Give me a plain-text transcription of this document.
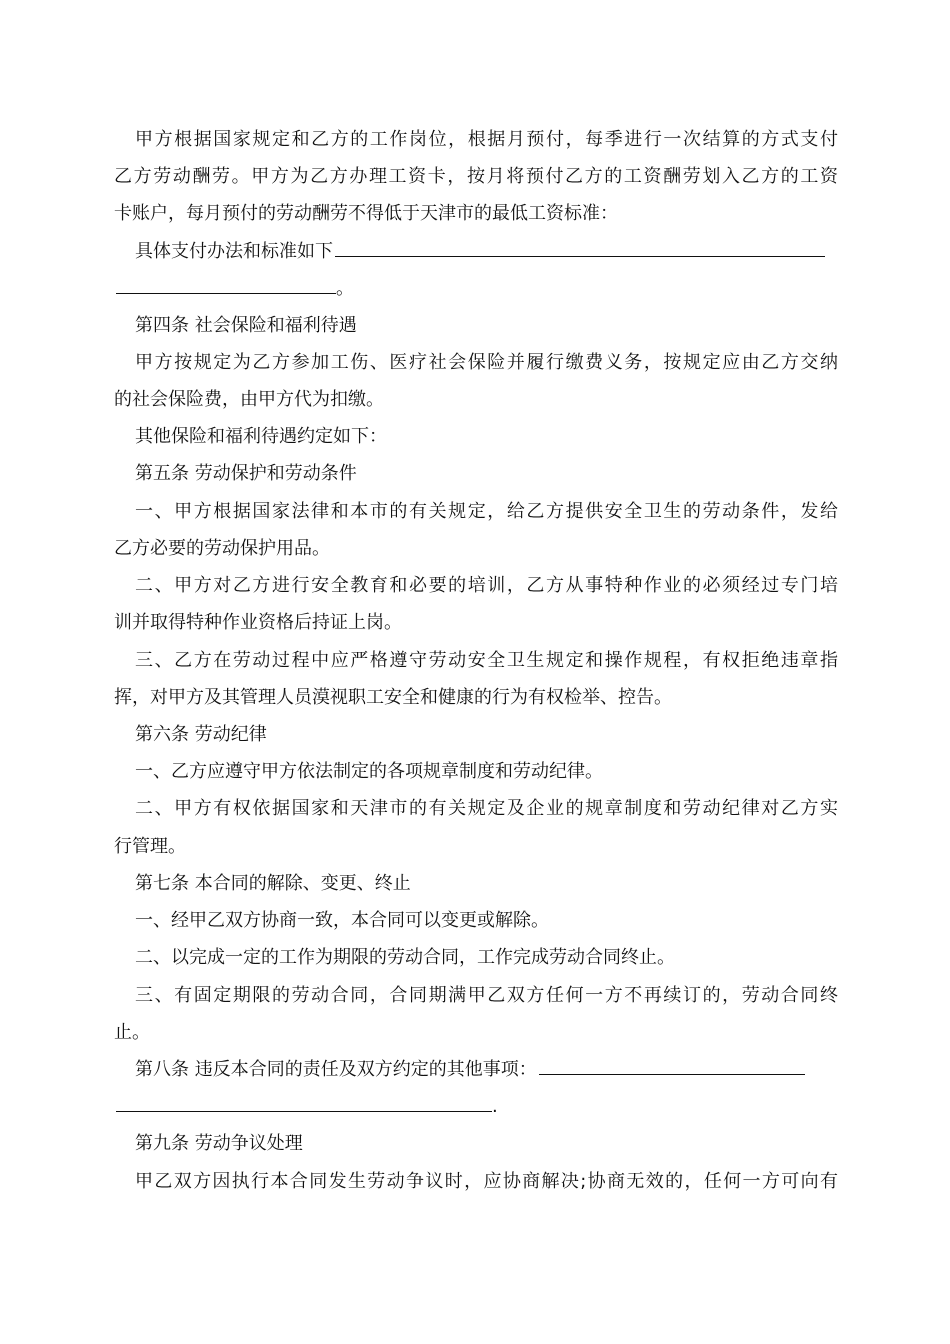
甲方根据国家规定和乙方的工作岗位，根据月预付，每季进行一次结算的方式支付
乙方劳动酬劳。甲方为乙方办理工资卡，按月将预付乙方的工资酬劳划入乙方的工资
卡账户，每月预付的劳动酬劳不得低于天津市的最低工资标准：
具体支付办法和标准如下
。
第四条 社会保险和福利待遇
甲方按规定为乙方参加工伤、医疗社会保险并履行缴费义务，按规定应由乙方交纳
的社会保险费，由甲方代为扣缴。
其他保险和福利待遇约定如下：
第五条 劳动保护和劳动条件
一、甲方根据国家法律和本市的有关规定，给乙方提供安全卫生的劳动条件，发给
乙方必要的劳动保护用品。
二、甲方对乙方进行安全教育和必要的培训，乙方从事特种作业的必须经过专门培
训并取得特种作业资格后持证上岗。
三、乙方在劳动过程中应严格遵守劳动安全卫生规定和操作规程，有权拒绝违章指
挥，对甲方及其管理人员漠视职工安全和健康的行为有权检举、控告。
第六条 劳动纪律
一、乙方应遵守甲方依法制定的各项规章制度和劳动纪律。
二、甲方有权依据国家和天津市的有关规定及企业的规章制度和劳动纪律对乙方实
行管理。
第七条 本合同的解除、变更、终止
一、经甲乙双方协商一致，本合同可以变更或解除。
二、以完成一定的工作为期限的劳动合同，工作完成劳动合同终止。
三、有固定期限的劳动合同，合同期满甲乙双方任何一方不再续订的，劳动合同终
止。
第八条 违反本合同的责任及双方约定的其他事项：
.
第九条 劳动争议处理
甲乙双方因执行本合同发生劳动争议时，应协商解决;协商无效的，任何一方可向有
